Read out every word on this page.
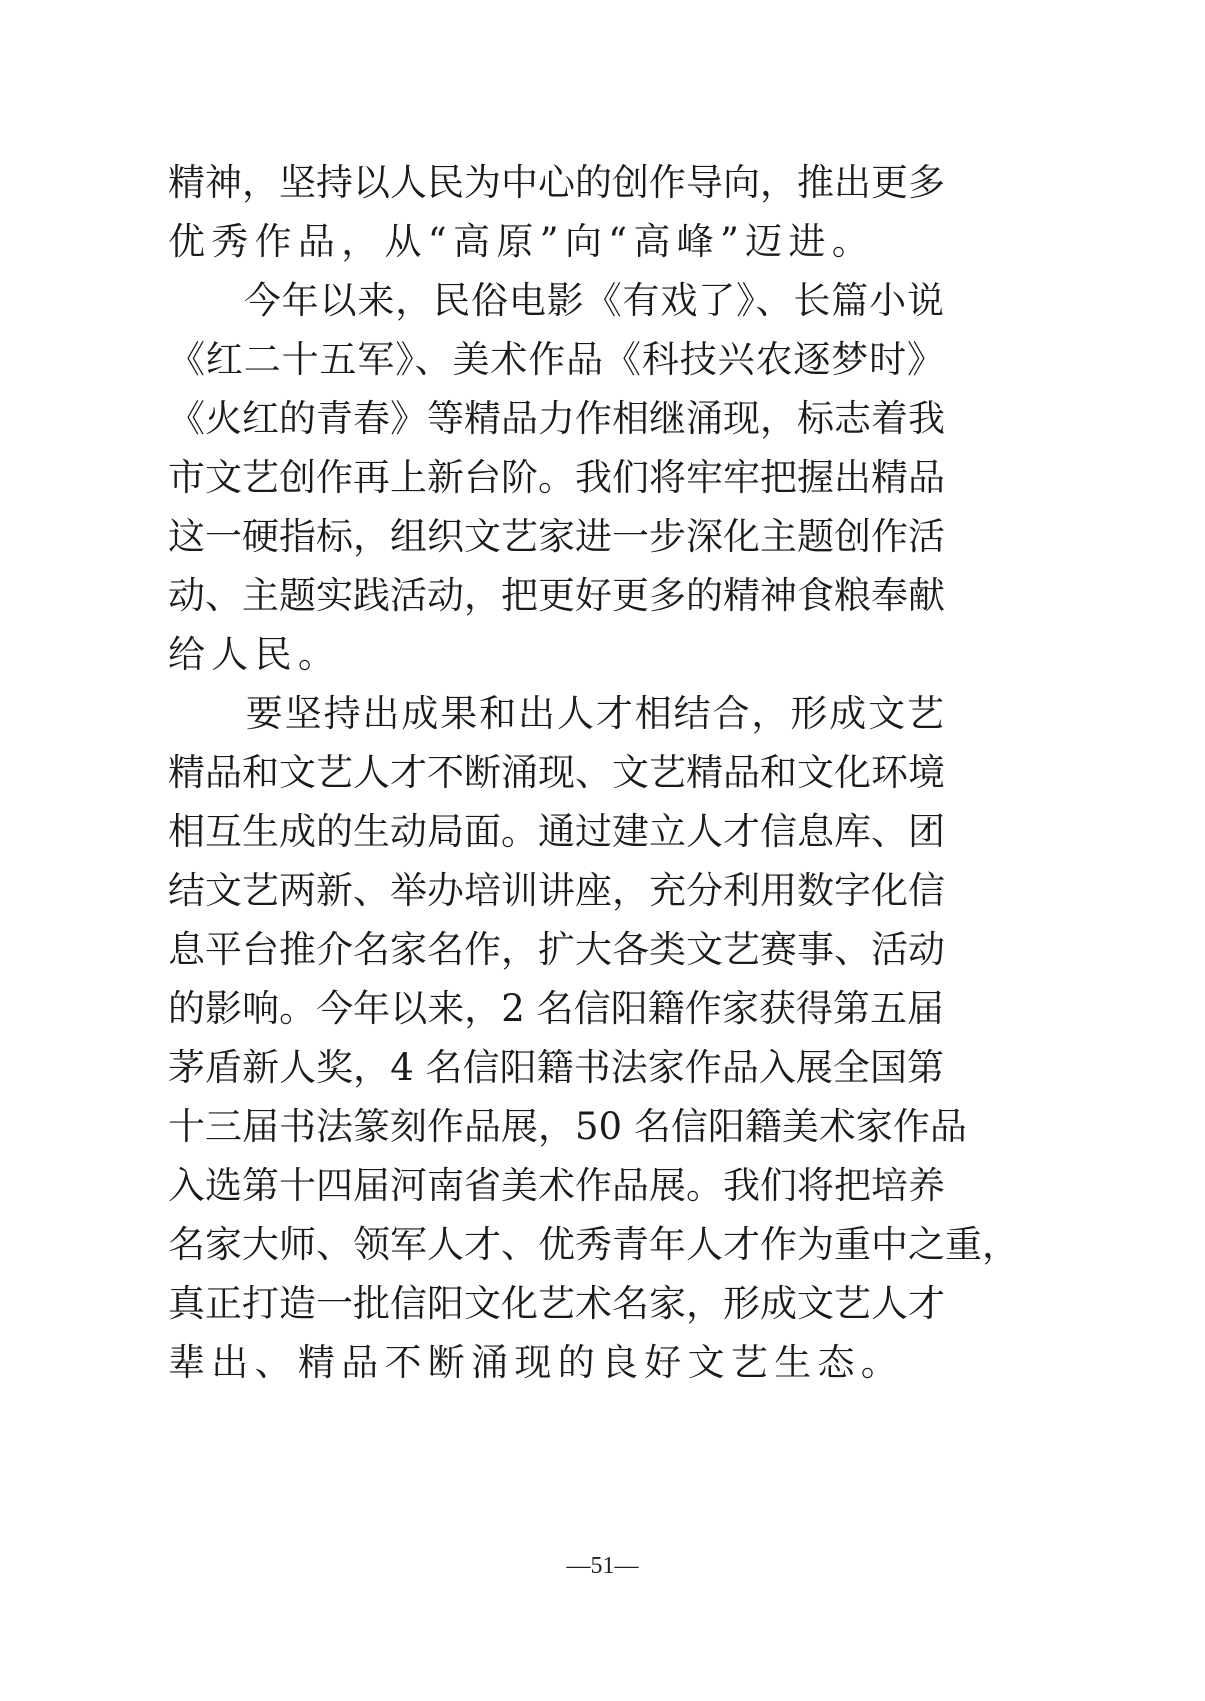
精神，坚持以人民为中心的创作导向，推出更多
优秀作品，从“高原”向“高峰”迈进。
　　今年以来，民俗电影《有戏了》、长篇小说
《红二十五军》、美术作品《科技兴农逐梦时》
《火红的青春》等精品力作相继涌现，标志着我
市文艺创作再上新台阶。我们将牢牢把握出精品
这一硬指标，组织文艺家进一步深化主题创作活
动、主题实践活动，把更好更多的精神食粮奉献
给人民。
　　要坚持出成果和出人才相结合，形成文艺
精品和文艺人才不断涌现、文艺精品和文化环境
相互生成的生动局面。通过建立人才信息库、团
结文艺两新、举办培训讲座，充分利用数字化信
息平台推介名家名作，扩大各类文艺赛事、活动
的影响。今年以来，2 名信阳籍作家获得第五届
茅盾新人奖，4 名信阳籍书法家作品入展全国第
十三届书法篆刻作品展，50 名信阳籍美术家作品
入选第十四届河南省美术作品展。我们将把培养
名家大师、领军人才、优秀青年人才作为重中之重，
真正打造一批信阳文化艺术名家，形成文艺人才
辈出、精品不断涌现的良好文艺生态。
—51—
